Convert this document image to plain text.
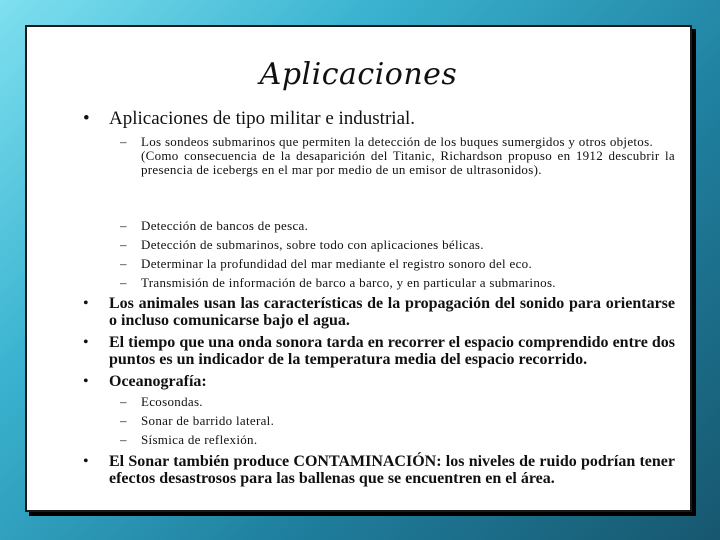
Aplicaciones
•	Aplicaciones de tipo militar e industrial.
– Los sondeos submarinos que permiten la detección de los buques sumergidos y otros objetos.
(Como consecuencia de la desaparición del Titanic, Richardson propuso en 1912 descubrir la presencia de icebergs en el mar por medio de un emisor de ultrasonidos).
– Detección de bancos de pesca.
– Detección de submarinos, sobre todo con aplicaciones bélicas.
– Determinar la profundidad del mar mediante el registro sonoro del eco.
– Transmisión de información de barco a barco, y en particular a submarinos.
•	Los animales usan las características de la propagación del sonido para orientarse o incluso comunicarse bajo el agua.
•	El tiempo que una onda sonora tarda en recorrer el espacio comprendido entre dos puntos es un indicador de la temperatura media del espacio recorrido.
•	Oceanografía:
– Ecosondas.
– Sonar de barrido lateral.
– Sísmica de reflexión.
•	El Sonar también produce CONTAMINACIÓN: los niveles de ruido podrían tener efectos desastrosos para las ballenas que se encuentren en el área.
